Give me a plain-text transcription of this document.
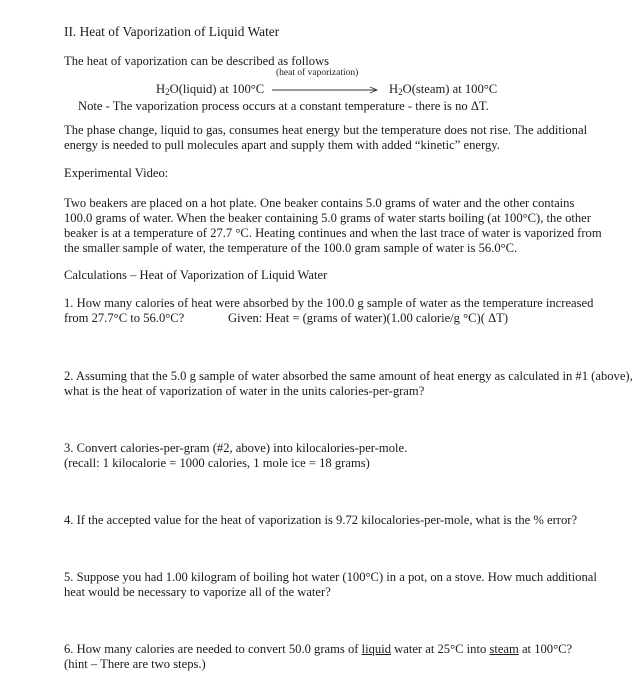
II. Heat of Vaporization of Liquid Water
The heat of vaporization can be described as follows
(heat of vaporization)
$H_2O(liquid)$ at 100°C	$H_2O(steam)$ at 100°C
Note - The vaporization process occurs at a constant temperature - there is no ΔT.
The phase change, liquid to gas, consumes heat energy but the temperature does not rise. The additional energy is needed to pull molecules apart and supply them with added “kinetic” energy.
Experimental Video:
Two beakers are placed on a hot plate. One beaker contains 5.0 grams of water and the other contains 100.0 grams of water. When the beaker containing 5.0 grams of water starts boiling (at 100°C), the other beaker is at a temperature of 27.7 °C. Heating continues and when the last trace of water is vaporized from the smaller sample of water, the temperature of the 100.0 gram sample of water is 56.0°C.
Calculations – Heat of Vaporization of Liquid Water
1. How many calories of heat were absorbed by the 100.0 g sample of water as the temperature increased
from 27.7°C to 56.0°C?	Given: Heat = (grams of water)(1.00 calorie/g °C)( ΔT)
2. Assuming that the 5.0 g sample of water absorbed the same amount of heat energy as calculated in #1 (above), what is the heat of vaporization of water in the units calories-per-gram?
3. Convert calories-per-gram (#2, above) into kilocalories-per-mole.
(recall: 1 kilocalorie = 1000 calories, 1 mole ice = 18 grams)
4. If the accepted value for the heat of vaporization is 9.72 kilocalories-per-mole, what is the % error?
5. Suppose you had 1.00 kilogram of boiling hot water (100°C) in a pot, on a stove. How much additional heat would be necessary to vaporize all of the water?
6. How many calories are needed to convert 50.0 grams of liquid water at 25°C into steam at 100°C?
(hint – There are two steps.)
